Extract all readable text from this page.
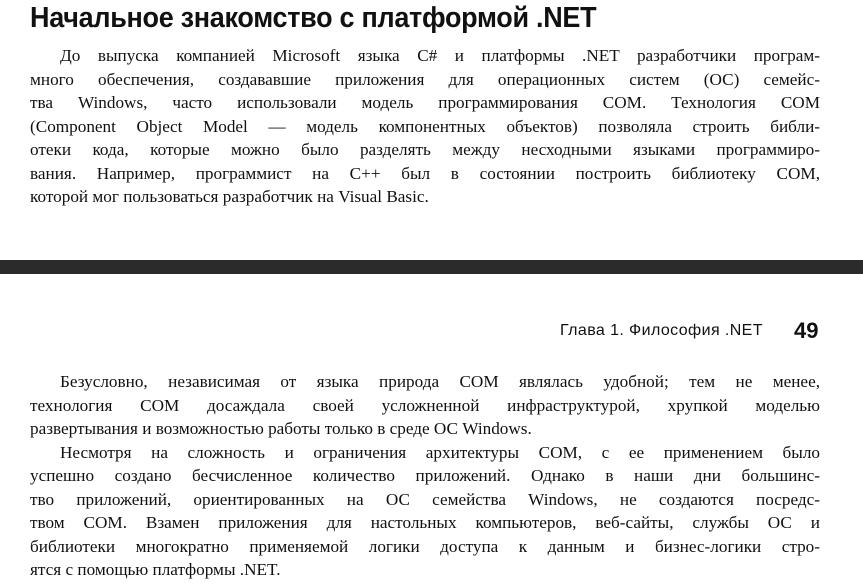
Начальное знакомство с платформой .NET
До выпуска компанией Microsoft языка C# и платформы .NET разработчики програм-
много обеспечения, создававшие приложения для операционных систем (ОС) семейс-
тва Windows, часто использовали модель программирования COM. Технология COM
(Component Object Model — модель компонентных объектов) позволяла строить библи-
отеки кода, которые можно было разделять между несходными языками программиро-
вания. Например, программист на C++ был в состоянии построить библиотеку COM,
которой мог пользоваться разработчик на Visual Basic.
Глава 1. Философия .NET 49
Безусловно, независимая от языка природа COM являлась удобной; тем не менее,
технология COM досаждала своей усложненной инфраструктурой, хрупкой моделью
развертывания и возможностью работы только в среде ОС Windows.
Несмотря на сложность и ограничения архитектуры COM, с ее применением было
успешно создано бесчисленное количество приложений. Однако в наши дни большинс-
тво приложений, ориентированных на ОС семейства Windows, не создаются посредс-
твом COM. Взамен приложения для настольных компьютеров, веб-сайты, службы ОС и
библиотеки многократно применяемой логики доступа к данным и бизнес-логики стро-
ятся с помощью платформы .NET.
